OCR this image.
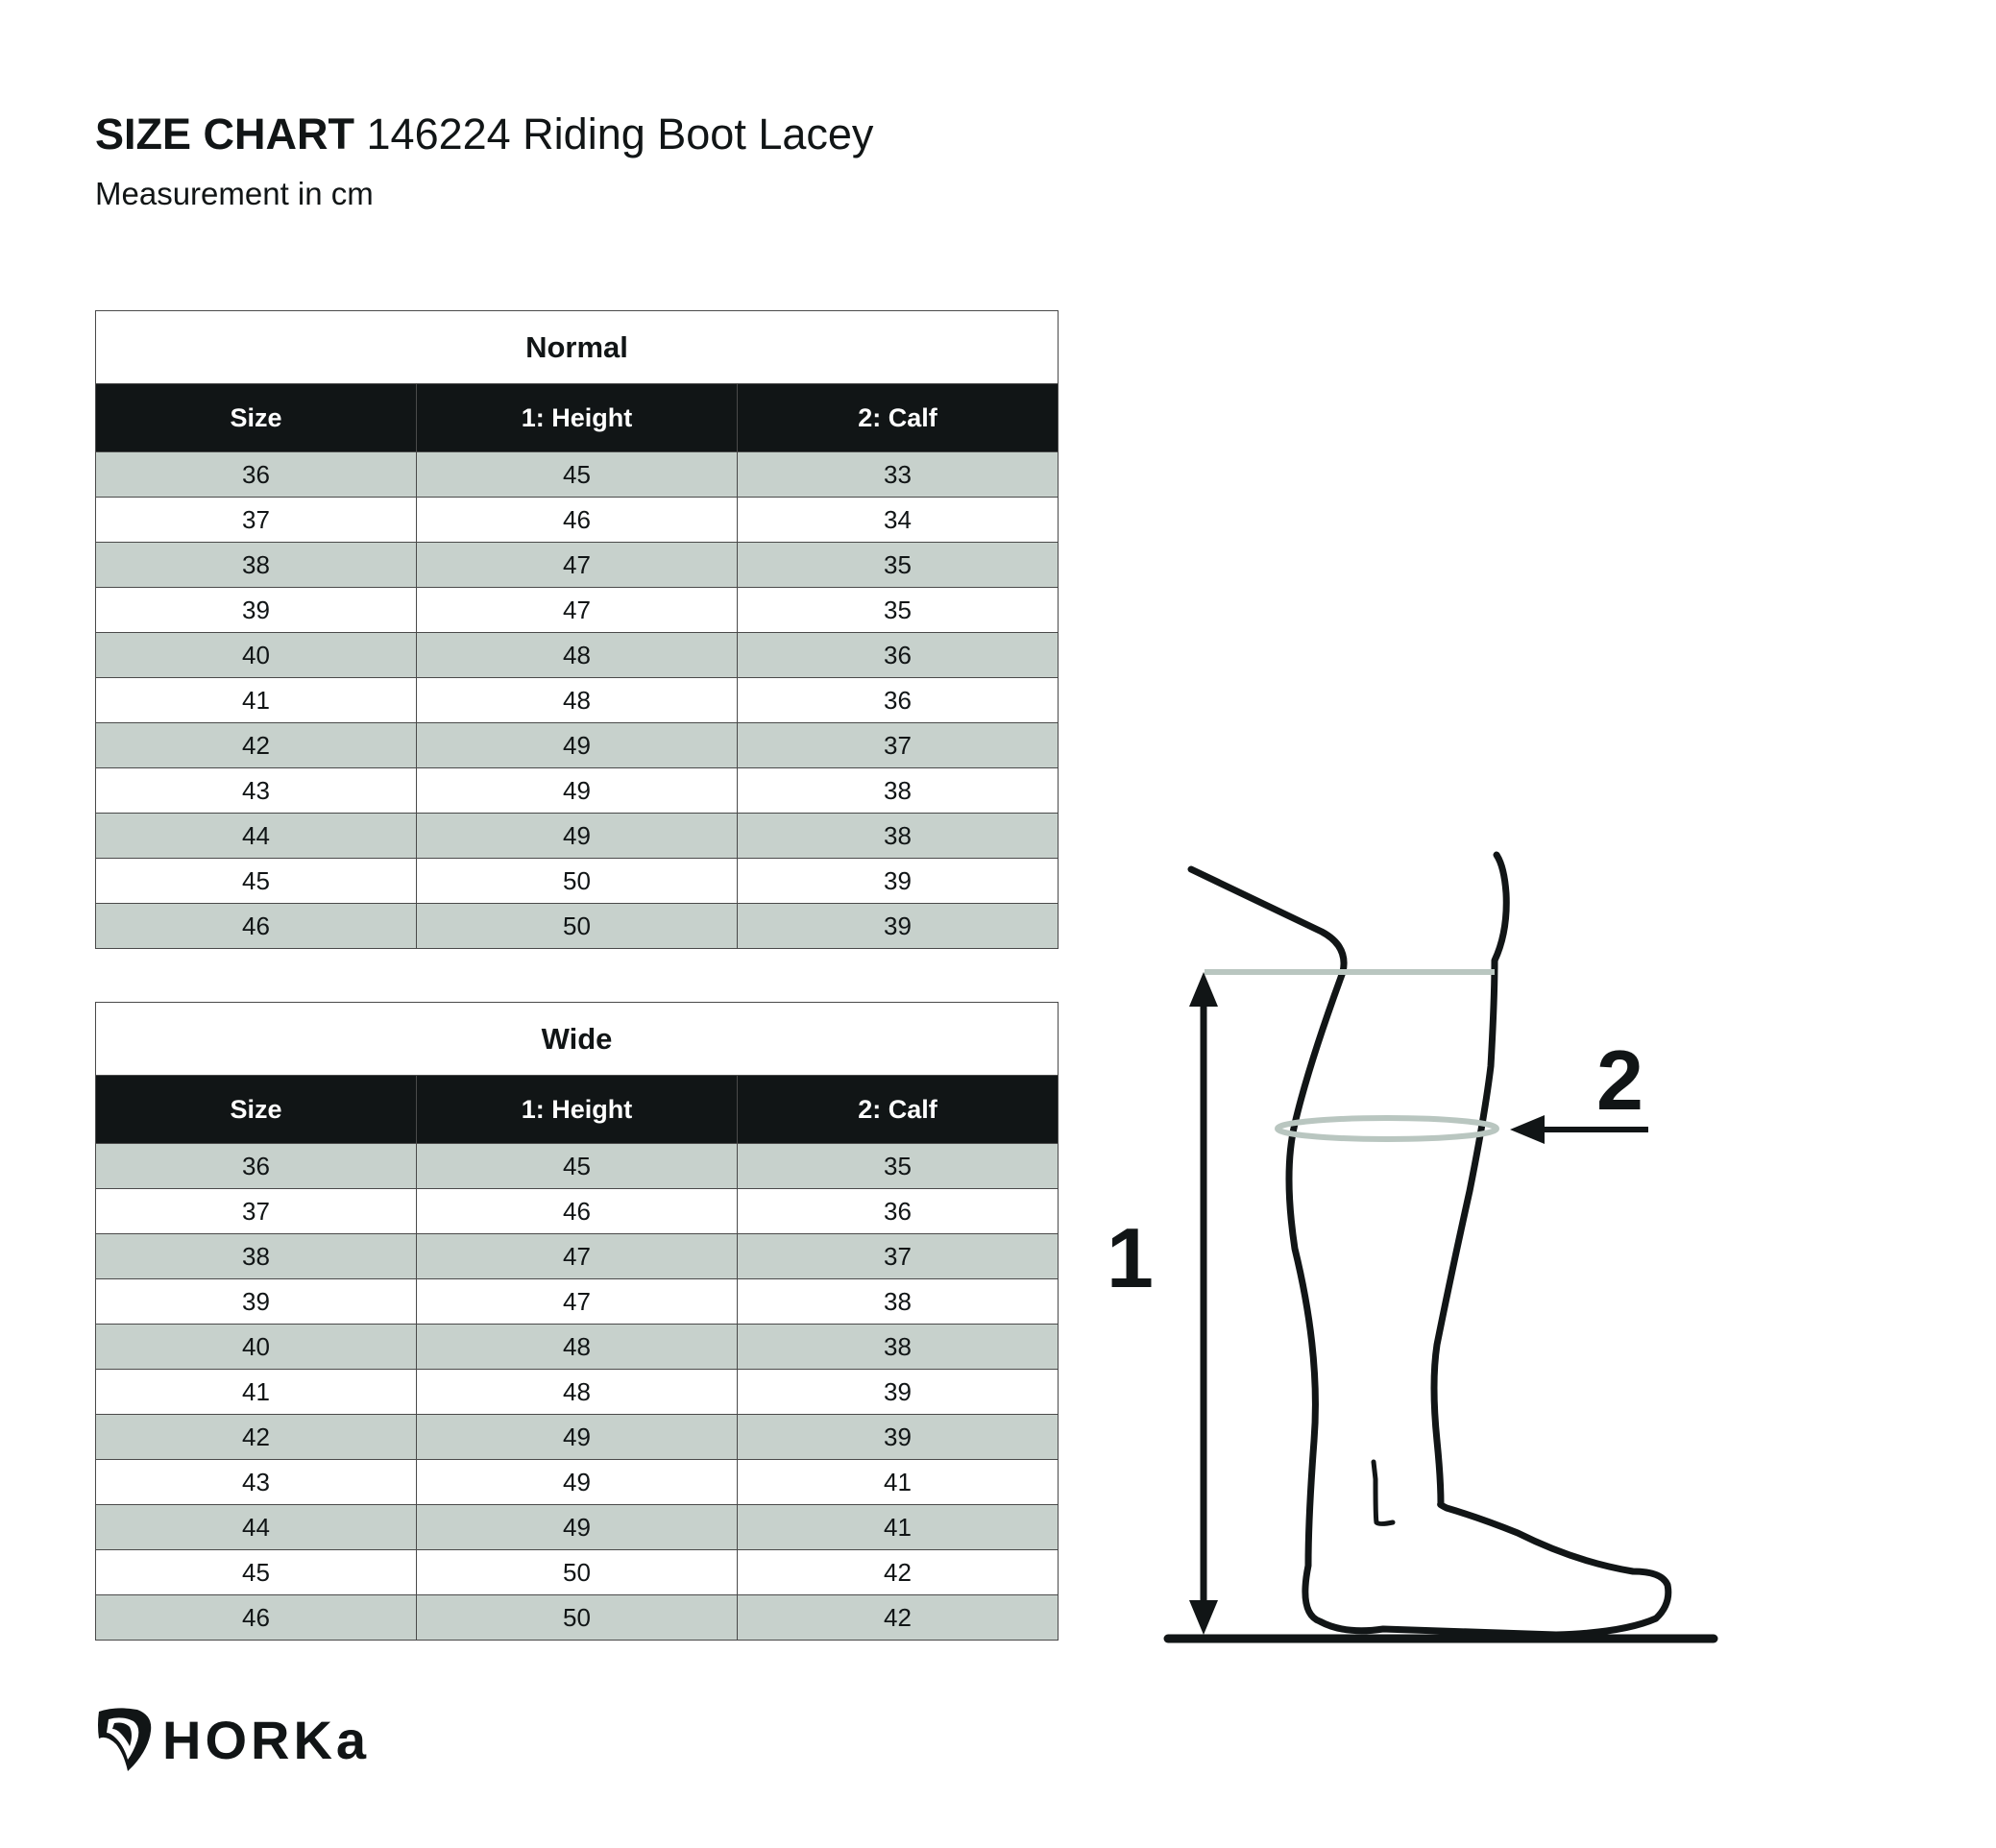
SIZE CHART 146224 Riding Boot Lacey
Measurement in cm
Normal		
Size	1: Height	2: Calf
36	45	33
37	46	34
38	47	35
39	47	35
40	48	36
41	48	36
42	49	37
43	49	38
44	49	38
45	50	39
46	50	39
Wide		
Size	1: Height	2: Calf
36	45	35
37	46	36
38	47	37
39	47	38
40	48	38
41	48	39
42	49	39
43	49	41
44	49	41
45	50	42
46	50	42
1
2
HORKa
